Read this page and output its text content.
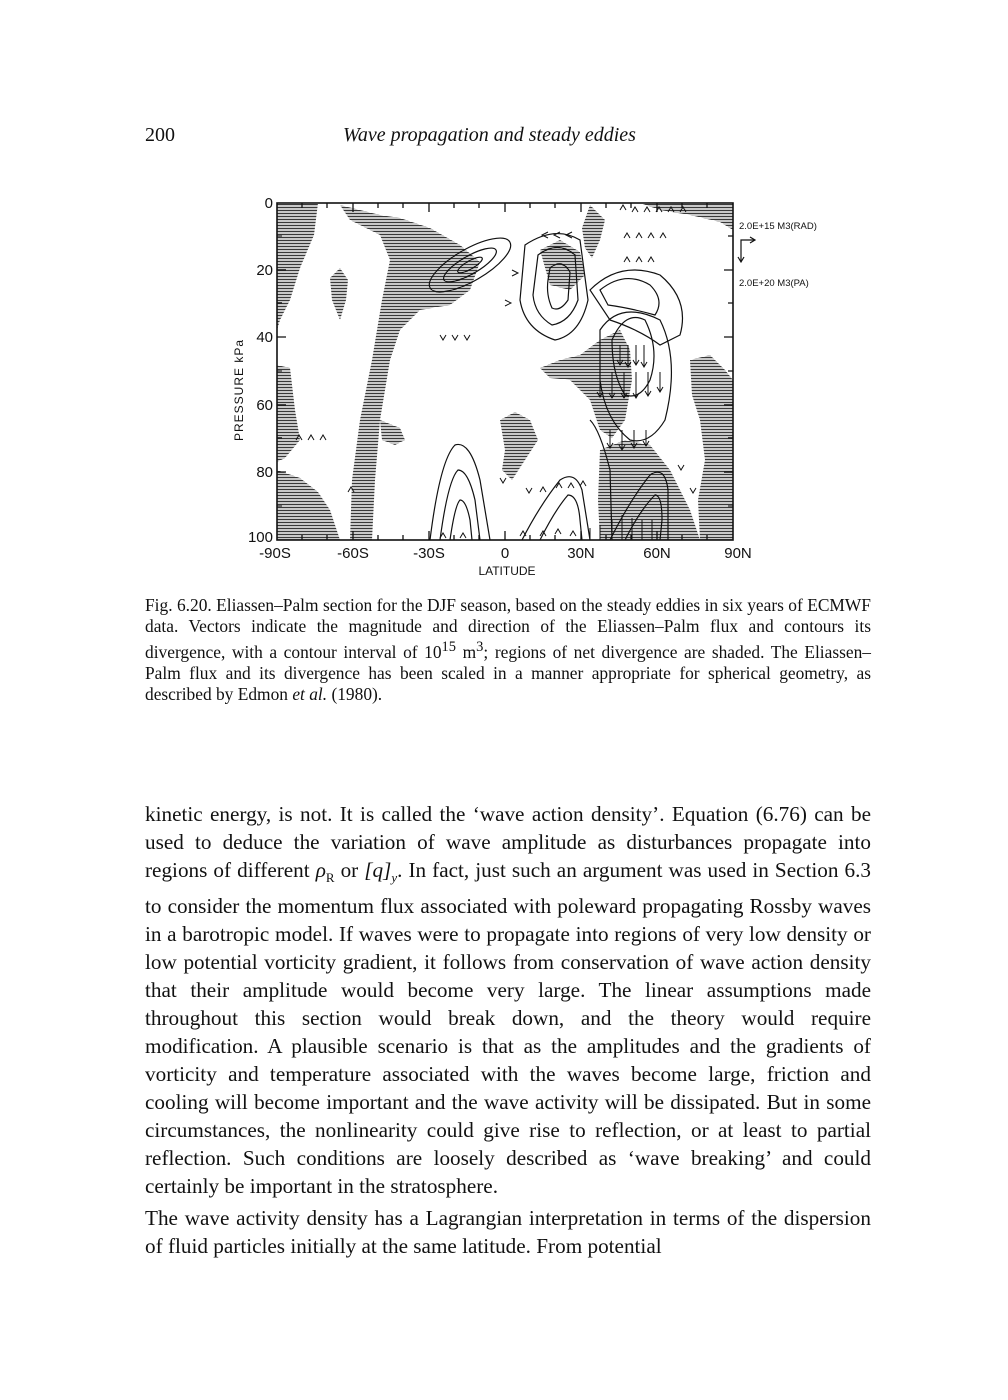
200	Wave propagation and steady eddies
0
20
40
60
80
100
-90S	-60S	-30S	0	30N	60N	90N
LATITUDE
PRESSURE kPa
2.0E+15 M3(RAD)
2.0E+20 M3(PA)
Fig. 6.20. Eliassen–Palm section for the DJF season, based on the steady eddies in six years of ECMWF data. Vectors indicate the magnitude and direction of the Eliassen–Palm flux and contours its divergence, with a contour interval of $10^{15}$ $m^3$; regions of net divergence are shaded. The Eliassen–Palm flux and its divergence has been scaled in a manner appropriate for spherical geometry, as described by Edmon et al. (1980).

kinetic energy, is not. It is called the ‘wave action density’. Equation (6.76) can be used to deduce the variation of wave amplitude as disturbances propagate into regions of different $\rho_R$ or $[q]_y$. In fact, just such an argument was used in Section 6.3 to consider the momentum flux associated with poleward propagating Rossby waves in a barotropic model. If waves were to propagate into regions of very low density or low potential vorticity gradient, it follows from conservation of wave action density that their amplitude would become very large. The linear assumptions made throughout this section would break down, and the theory would require modification. A plausible scenario is that as the amplitudes and the gradients of vorticity and temperature associated with the waves become large, friction and cooling will become important and the wave activity will be dissipated. But in some circumstances, the nonlinearity could give rise to reflection, or at least to partial reflection. Such conditions are loosely described as ‘wave breaking’ and could certainly be important in the stratosphere.

The wave activity density has a Lagrangian interpretation in terms of the dispersion of fluid particles initially at the same latitude. From potential
